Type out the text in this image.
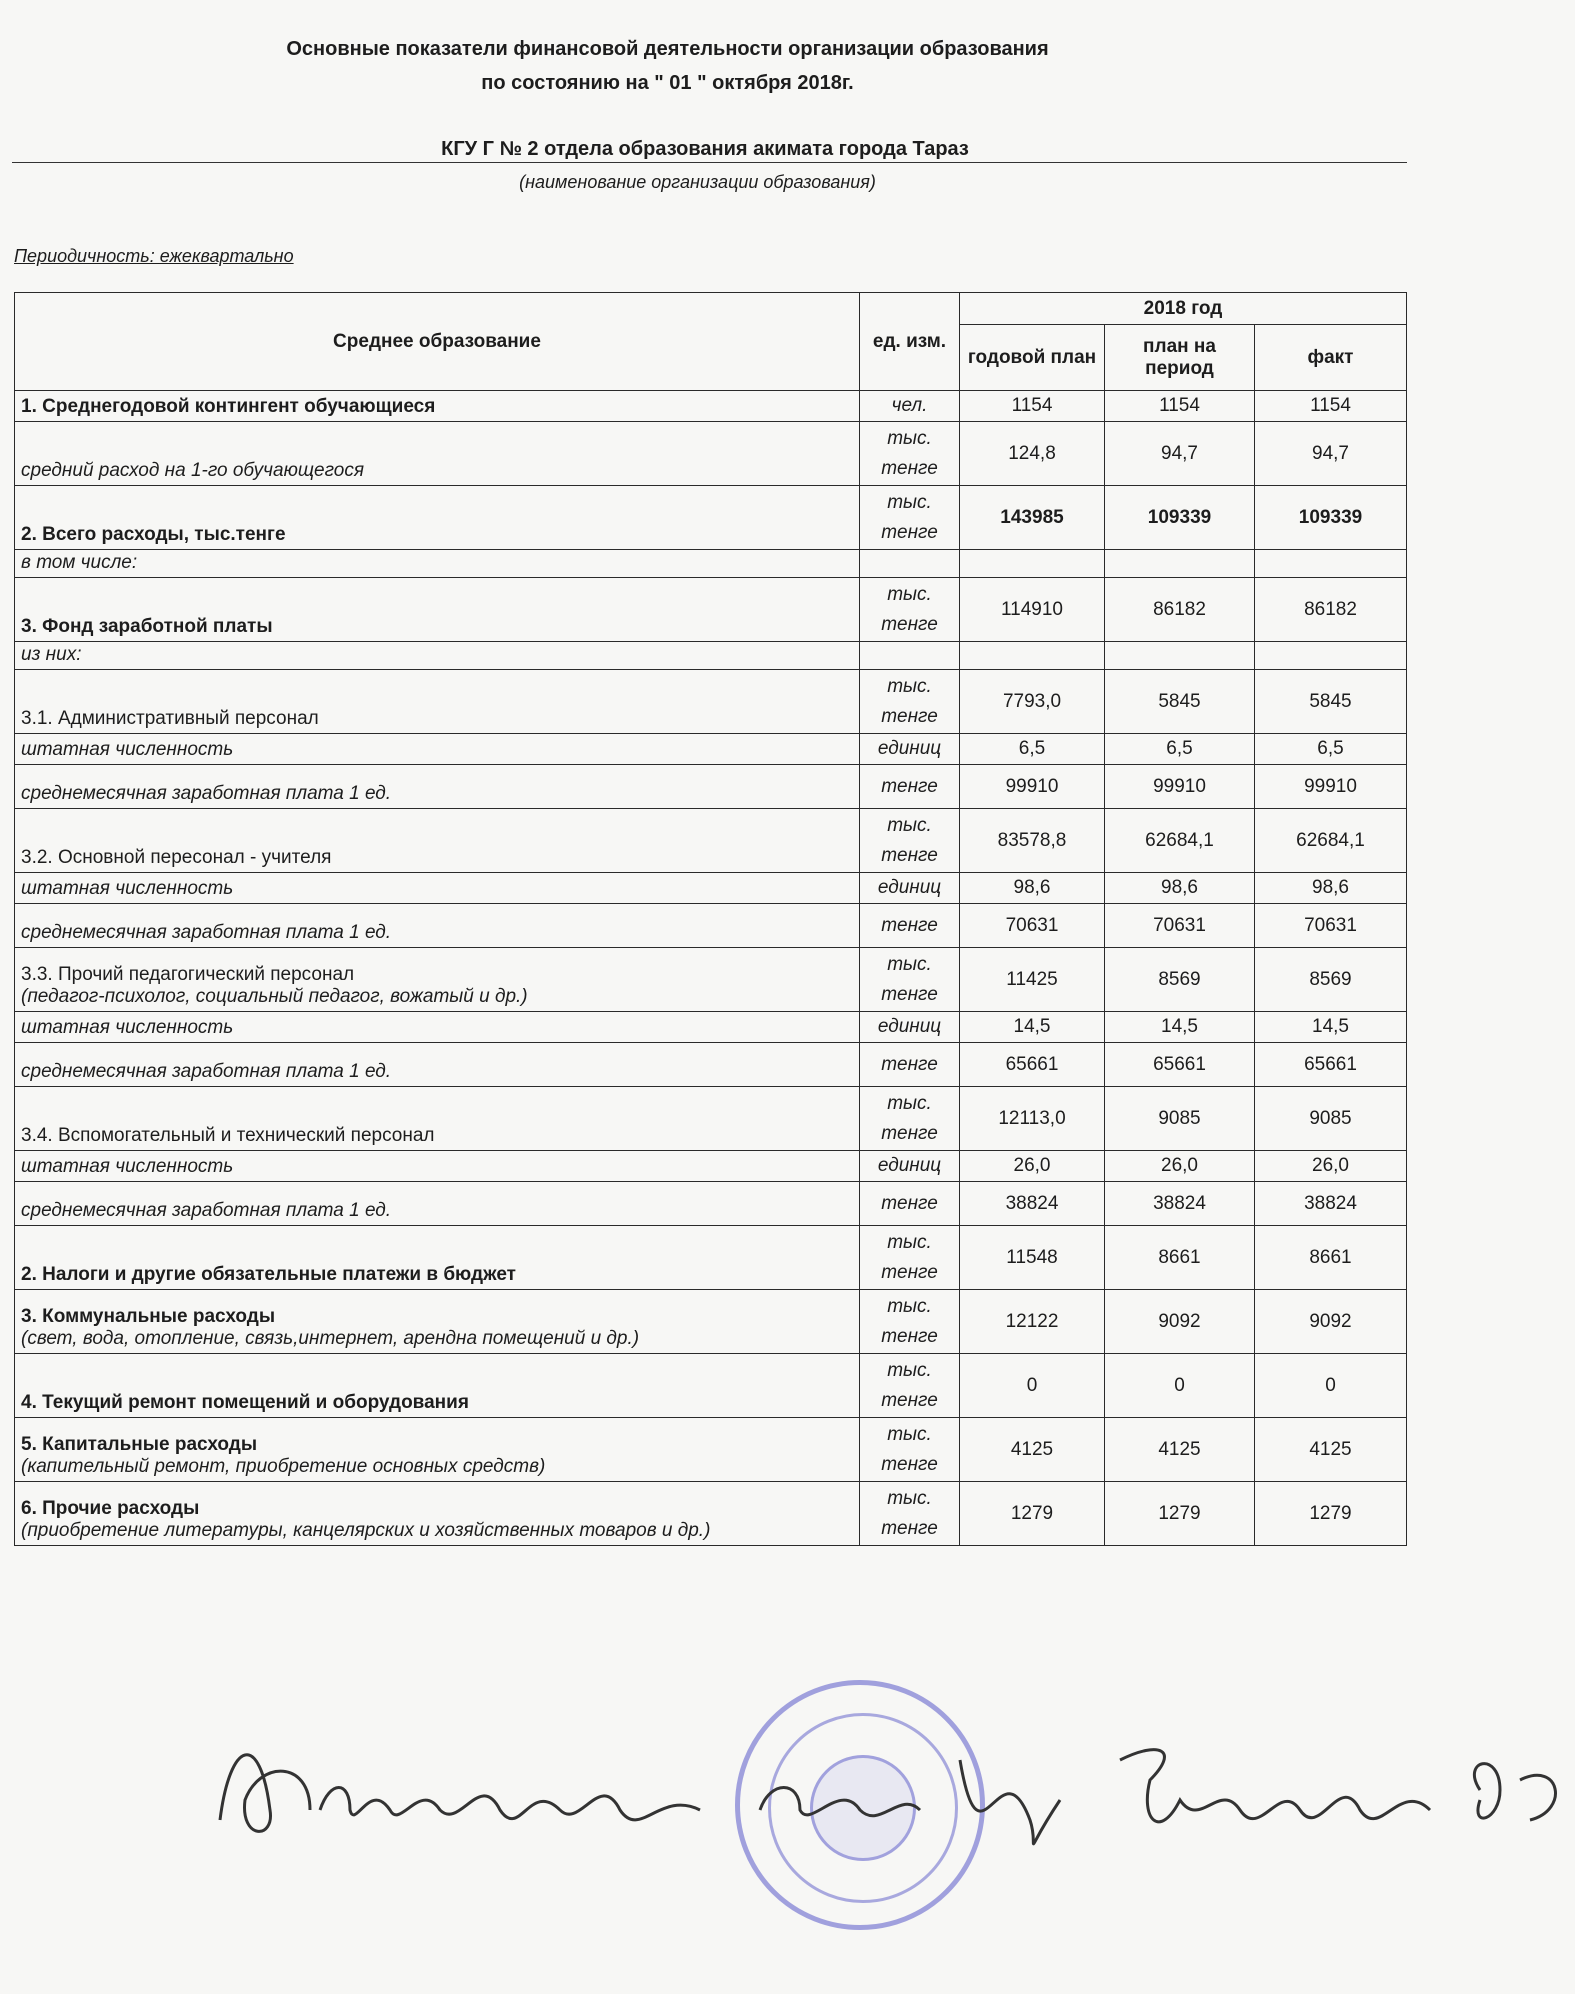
Основные показатели финансовой деятельности организации образования
по состоянию на " 01 " октября 2018г.
КГУ Г № 2 отдела образования акимата города Тараз
(наименование организации образования)
Периодичность: ежеквартально
Среднее образование	ед. изм.	2018 год		
		годовой план	план на период	факт
1. Среднегодовой контингент обучающиеся	чел.	1154	1154	1154
средний расход на 1-го обучающегося	тыс. тенге	124,8	94,7	94,7
2. Всего расходы, тыс.тенге	тыс. тенге	143985	109339	109339
в том числе:				
3. Фонд заработной платы	тыс. тенге	114910	86182	86182
из них:				
3.1. Административный персонал	тыс. тенге	7793,0	5845	5845
штатная численность	единиц	6,5	6,5	6,5
среднемесячная заработная плата 1 ед.	тенге	99910	99910	99910
3.2. Основной пересонал - учителя	тыс. тенге	83578,8	62684,1	62684,1
штатная численность	единиц	98,6	98,6	98,6
среднемесячная заработная плата 1 ед.	тенге	70631	70631	70631
3.3. Прочий педагогический персонал
(педагог-психолог, социальный педагог, вожатый и др.)	тыс. тенге	11425	8569	8569
штатная численность	единиц	14,5	14,5	14,5
среднемесячная заработная плата 1 ед.	тенге	65661	65661	65661
3.4. Вспомогательный и технический персонал	тыс. тенге	12113,0	9085	9085
штатная численность	единиц	26,0	26,0	26,0
среднемесячная заработная плата 1 ед.	тенге	38824	38824	38824
2. Налоги и другие обязательные платежи в бюджет	тыс. тенге	11548	8661	8661
3. Коммунальные расходы
(свет, вода, отопление, связь,интернет, арендна помещений и др.)	тыс. тенге	12122	9092	9092
4. Текущий ремонт помещений и оборудования	тыс. тенге	0	0	0
5. Капитальные расходы
(капительный ремонт, приобретение основных средств)	тыс. тенге	4125	4125	4125
6. Прочие расходы
(приобретение литературы, канцелярских и хозяйственных товаров и др.)	тыс. тенге	1279	1279	1279
